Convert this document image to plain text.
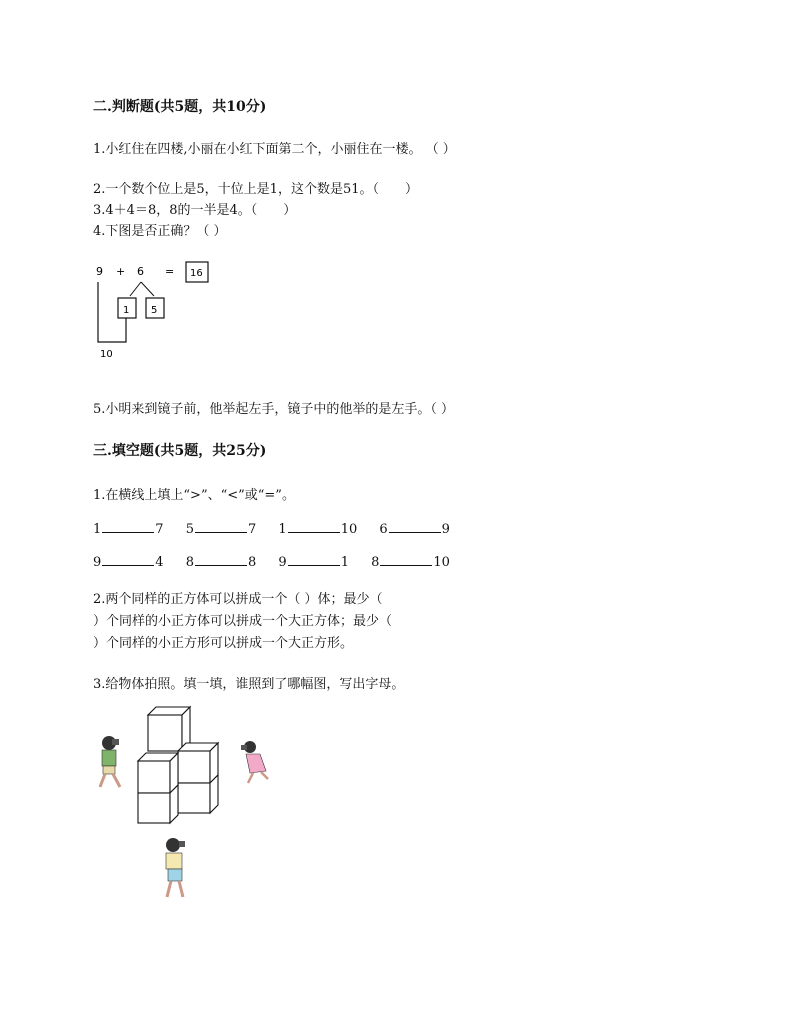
二.判断题(共5题，共10分)
1.小红住在四楼,小丽在小红下面第二个，小丽住在一楼。 （ ）
2.一个数个位上是5，十位上是1，这个数是51。（　　）
3.4＋4＝8，8的一半是4。（　　）
4.下图是否正确？（ ）
9 + 6 = 16
1 5
10
5.小明来到镜子前，他举起左手，镜子中的他举的是左手。（ ）
三.填空题(共5题，共25分)
1.在横线上填上“>”、“<”或“=”。
1	7 5	7 1	10 6	9
9	4 8	8 9	1 8	10
2.两个同样的正方体可以拼成一个（ ）体；最少（
）个同样的小正方体可以拼成一个大正方体；最少（
）个同样的小正方形可以拼成一个大正方形。
3.给物体拍照。填一填，谁照到了哪幅图，写出字母。
